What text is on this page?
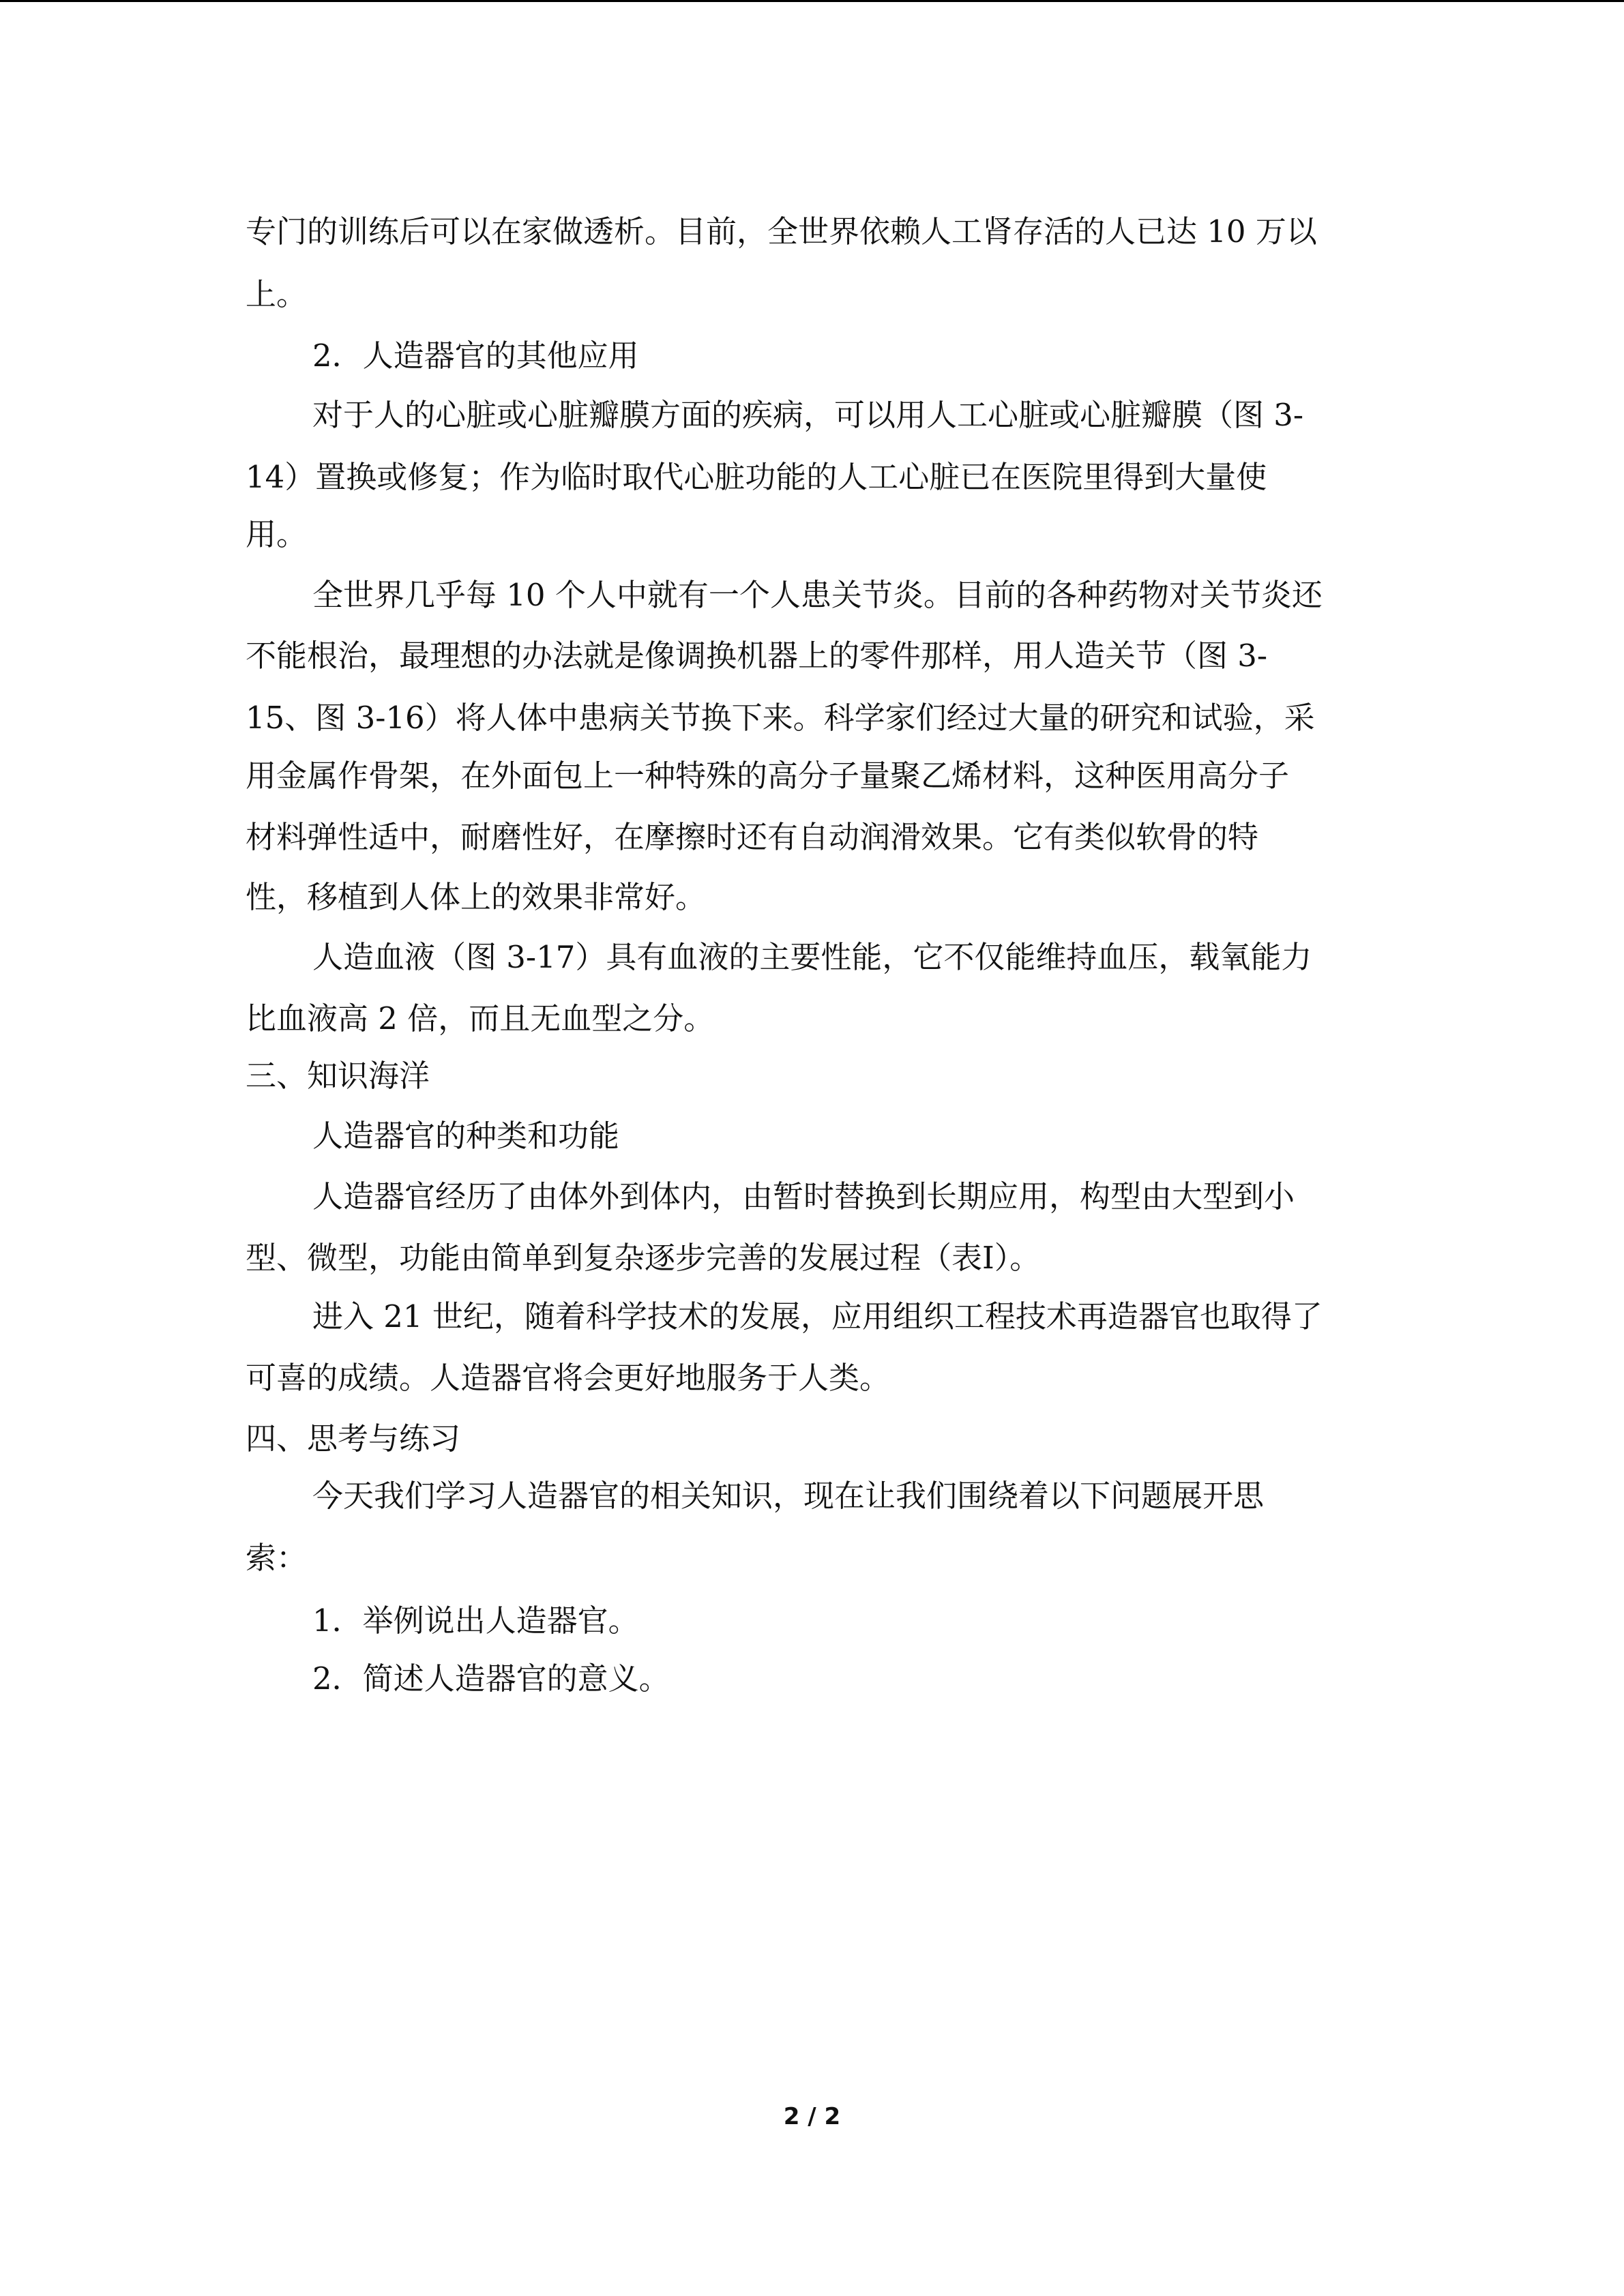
专门的训练后可以在家做透析。目前，全世界依赖人工肾存活的人已达 10 万以
上。
2．人造器官的其他应用
对于人的心脏或心脏瓣膜方面的疾病，可以用人工心脏或心脏瓣膜（图 3-
14）置换或修复；作为临时取代心脏功能的人工心脏已在医院里得到大量使
用。
全世界几乎每 10 个人中就有一个人患关节炎。目前的各种药物对关节炎还
不能根治，最理想的办法就是像调换机器上的零件那样，用人造关节（图 3-
15、图 3-16）将人体中患病关节换下来。科学家们经过大量的研究和试验，采
用金属作骨架，在外面包上一种特殊的高分子量聚乙烯材料，这种医用高分子
材料弹性适中，耐磨性好，在摩擦时还有自动润滑效果。它有类似软骨的特
性，移植到人体上的效果非常好。
人造血液（图 3-17）具有血液的主要性能，它不仅能维持血压，载氧能力
比血液高 2 倍，而且无血型之分。
三、知识海洋
人造器官的种类和功能
人造器官经历了由体外到体内，由暂时替换到长期应用，构型由大型到小
型、微型，功能由简单到复杂逐步完善的发展过程（表Ⅰ）。
进入 21 世纪，随着科学技术的发展，应用组织工程技术再造器官也取得了
可喜的成绩。人造器官将会更好地服务于人类。
四、思考与练习
今天我们学习人造器官的相关知识，现在让我们围绕着以下问题展开思
索：
1．举例说出人造器官。
2．简述人造器官的意义。
2 / 2
